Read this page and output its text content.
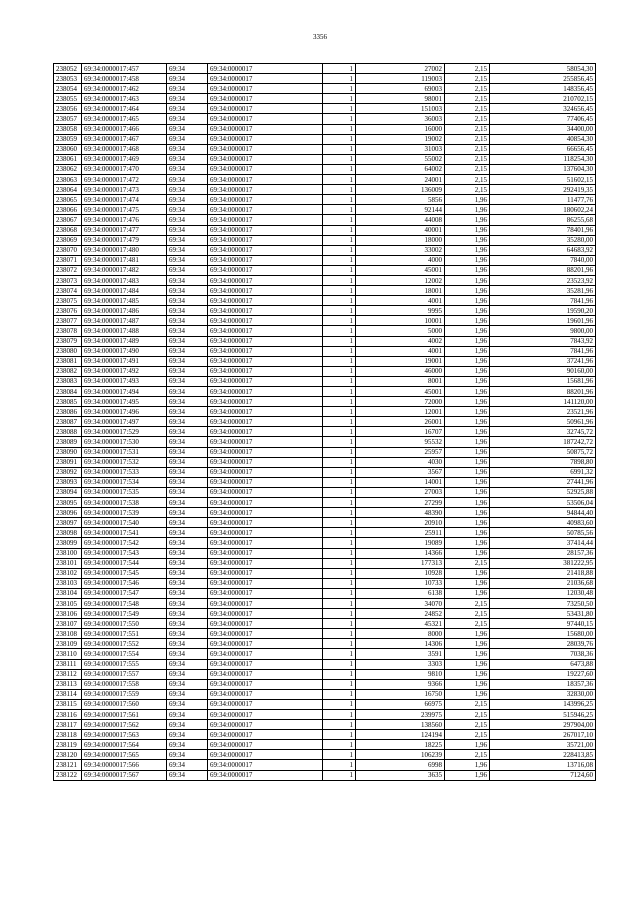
3356
238052	69:34:0000017:457	69:34	69:34:0000017	1	27002	2,15	58054,30
238053	69:34:0000017:458	69:34	69:34:0000017	1	119003	2,15	255856,45
238054	69:34:0000017:462	69:34	69:34:0000017	1	69003	2,15	148356,45
238055	69:34:0000017:463	69:34	69:34:0000017	1	98001	2,15	210702,15
238056	69:34:0000017:464	69:34	69:34:0000017	1	151003	2,15	324656,45
238057	69:34:0000017:465	69:34	69:34:0000017	1	36003	2,15	77406,45
238058	69:34:0000017:466	69:34	69:34:0000017	1	16000	2,15	34400,00
238059	69:34:0000017:467	69:34	69:34:0000017	1	19002	2,15	40854,30
238060	69:34:0000017:468	69:34	69:34:0000017	1	31003	2,15	66656,45
238061	69:34:0000017:469	69:34	69:34:0000017	1	55002	2,15	118254,30
238062	69:34:0000017:470	69:34	69:34:0000017	1	64002	2,15	137604,30
238063	69:34:0000017:472	69:34	69:34:0000017	1	24001	2,15	51602,15
238064	69:34:0000017:473	69:34	69:34:0000017	1	136009	2,15	292419,35
238065	69:34:0000017:474	69:34	69:34:0000017	1	5856	1,96	11477,76
238066	69:34:0000017:475	69:34	69:34:0000017	1	92144	1,96	180602,24
238067	69:34:0000017:476	69:34	69:34:0000017	1	44008	1,96	86255,68
238068	69:34:0000017:477	69:34	69:34:0000017	1	40001	1,96	78401,96
238069	69:34:0000017:479	69:34	69:34:0000017	1	18000	1,96	35280,00
238070	69:34:0000017:480	69:34	69:34:0000017	1	33002	1,96	64683,92
238071	69:34:0000017:481	69:34	69:34:0000017	1	4000	1,96	7840,00
238072	69:34:0000017:482	69:34	69:34:0000017	1	45001	1,96	88201,96
238073	69:34:0000017:483	69:34	69:34:0000017	1	12002	1,96	23523,92
238074	69:34:0000017:484	69:34	69:34:0000017	1	18001	1,96	35281,96
238075	69:34:0000017:485	69:34	69:34:0000017	1	4001	1,96	7841,96
238076	69:34:0000017:486	69:34	69:34:0000017	1	9995	1,96	19590,20
238077	69:34:0000017:487	69:34	69:34:0000017	1	10001	1,96	19601,96
238078	69:34:0000017:488	69:34	69:34:0000017	1	5000	1,96	9800,00
238079	69:34:0000017:489	69:34	69:34:0000017	1	4002	1,96	7843,92
238080	69:34:0000017:490	69:34	69:34:0000017	1	4001	1,96	7841,96
238081	69:34:0000017:491	69:34	69:34:0000017	1	19001	1,96	37241,96
238082	69:34:0000017:492	69:34	69:34:0000017	1	46000	1,96	90160,00
238083	69:34:0000017:493	69:34	69:34:0000017	1	8001	1,96	15681,96
238084	69:34:0000017:494	69:34	69:34:0000017	1	45001	1,96	88201,96
238085	69:34:0000017:495	69:34	69:34:0000017	1	72000	1,96	141120,00
238086	69:34:0000017:496	69:34	69:34:0000017	1	12001	1,96	23521,96
238087	69:34:0000017:497	69:34	69:34:0000017	1	26001	1,96	50961,96
238088	69:34:0000017:529	69:34	69:34:0000017	1	16707	1,96	32745,72
238089	69:34:0000017:530	69:34	69:34:0000017	1	95532	1,96	187242,72
238090	69:34:0000017:531	69:34	69:34:0000017	1	25957	1,96	50875,72
238091	69:34:0000017:532	69:34	69:34:0000017	1	4030	1,96	7898,80
238092	69:34:0000017:533	69:34	69:34:0000017	1	3567	1,96	6991,32
238093	69:34:0000017:534	69:34	69:34:0000017	1	14001	1,96	27441,96
238094	69:34:0000017:535	69:34	69:34:0000017	1	27003	1,96	52925,88
238095	69:34:0000017:538	69:34	69:34:0000017	1	27299	1,96	53506,04
238096	69:34:0000017:539	69:34	69:34:0000017	1	48390	1,96	94844,40
238097	69:34:0000017:540	69:34	69:34:0000017	1	20910	1,96	40983,60
238098	69:34:0000017:541	69:34	69:34:0000017	1	25911	1,96	50785,56
238099	69:34:0000017:542	69:34	69:34:0000017	1	19089	1,96	37414,44
238100	69:34:0000017:543	69:34	69:34:0000017	1	14366	1,96	28157,36
238101	69:34:0000017:544	69:34	69:34:0000017	1	177313	2,15	381222,95
238102	69:34:0000017:545	69:34	69:34:0000017	1	10928	1,96	21418,88
238103	69:34:0000017:546	69:34	69:34:0000017	1	10733	1,96	21036,68
238104	69:34:0000017:547	69:34	69:34:0000017	1	6138	1,96	12030,48
238105	69:34:0000017:548	69:34	69:34:0000017	1	34070	2,15	73250,50
238106	69:34:0000017:549	69:34	69:34:0000017	1	24852	2,15	53431,80
238107	69:34:0000017:550	69:34	69:34:0000017	1	45321	2,15	97440,15
238108	69:34:0000017:551	69:34	69:34:0000017	1	8000	1,96	15680,00
238109	69:34:0000017:552	69:34	69:34:0000017	1	14306	1,96	28039,76
238110	69:34:0000017:554	69:34	69:34:0000017	1	3591	1,96	7038,36
238111	69:34:0000017:555	69:34	69:34:0000017	1	3303	1,96	6473,88
238112	69:34:0000017:557	69:34	69:34:0000017	1	9810	1,96	19227,60
238113	69:34:0000017:558	69:34	69:34:0000017	1	9366	1,96	18357,36
238114	69:34:0000017:559	69:34	69:34:0000017	1	16750	1,96	32830,00
238115	69:34:0000017:560	69:34	69:34:0000017	1	66975	2,15	143996,25
238116	69:34:0000017:561	69:34	69:34:0000017	1	239975	2,15	515946,25
238117	69:34:0000017:562	69:34	69:34:0000017	1	138560	2,15	297904,00
238118	69:34:0000017:563	69:34	69:34:0000017	1	124194	2,15	267017,10
238119	69:34:0000017:564	69:34	69:34:0000017	1	18225	1,96	35721,00
238120	69:34:0000017:565	69:34	69:34:0000017	1	106239	2,15	228413,85
238121	69:34:0000017:566	69:34	69:34:0000017	1	6998	1,96	13716,08
238122	69:34:0000017:567	69:34	69:34:0000017	1	3635	1,96	7124,60
